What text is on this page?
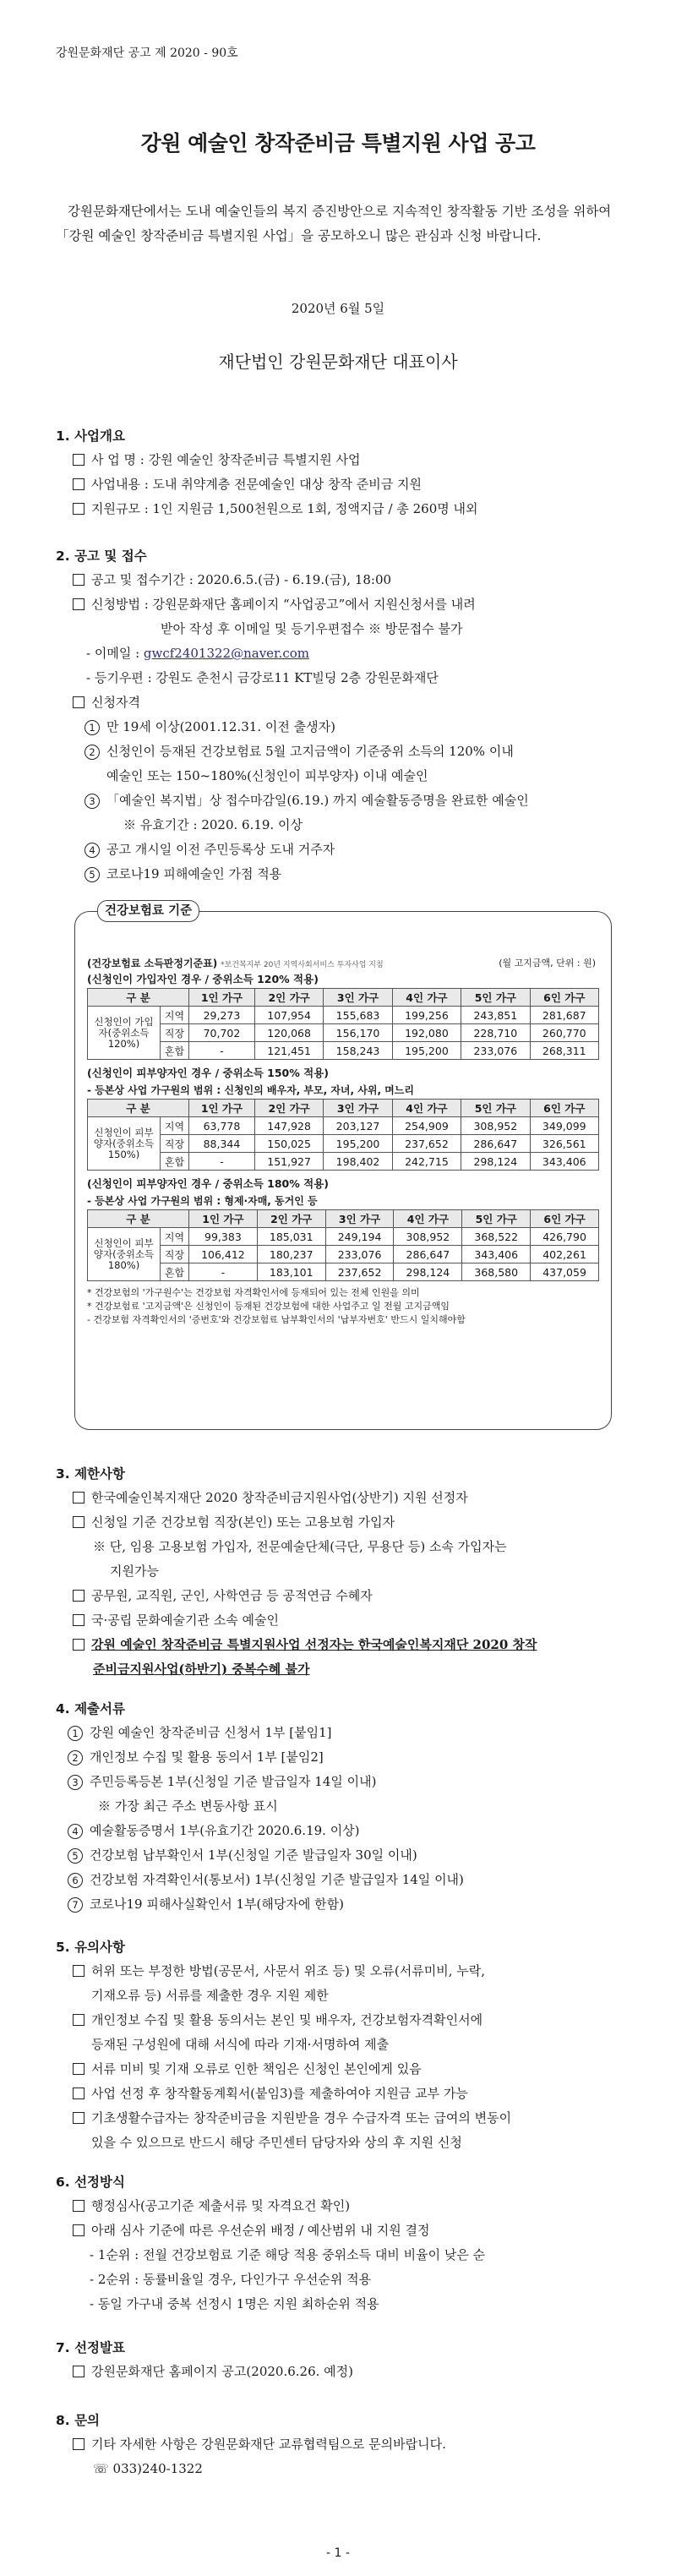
강원문화재단 공고 제 2020 - 90호
강원 예술인 창작준비금 특별지원 사업 공고
강원문화재단에서는 도내 예술인들의 복지 증진방안으로 지속적인 창작활동 기반 조성을 위하여 「강원 예술인 창작준비금 특별지원 사업」을 공모하오니 많은 관심과 신청 바랍니다.
2020년 6월 5일
재단법인 강원문화재단 대표이사
1. 사업개요
사 업 명 : 강원 예술인 창작준비금 특별지원 사업
사업내용 : 도내 취약계층 전문예술인 대상 창작 준비금 지원
지원규모 : 1인 지원금 1,500천원으로 1회, 정액지급 / 총 260명 내외
2. 공고 및 접수
공고 및 접수기간 : 2020.6.5.(금) - 6.19.(금), 18:00
신청방법 : 강원문화재단 홈페이지 “사업공고”에서 지원신청서를 내려
받아 작성 후 이메일 및 등기우편접수 ※ 방문접수 불가
- 이메일 : gwcf2401322@naver.com
- 등기우편 : 강원도 춘천시 금강로11 KT빌딩 2층 강원문화재단
신청자격
1 만 19세 이상(2001.12.31. 이전 출생자)
2 신청인이 등재된 건강보험료 5월 고지금액이 기준중위 소득의 120% 이내
예술인 또는 150~180%(신청인이 피부양자) 이내 예술인
3 「예술인 복지법」상 접수마감일(6.19.) 까지 예술활동증명을 완료한 예술인
※ 유효기간 : 2020. 6.19. 이상
4 공고 개시일 이전 주민등록상 도내 거주자
5 코로나19 피해예술인 가점 적용
건강보험료 기준
(건강보험료 소득판정기준표) *보건복지부 20년 지역사회서비스 투자사업 지침	(월 고지금액, 단위 : 원)
(신청인이 가입자인 경우 / 중위소득 120% 적용)
구 분		1인 가구	2인 가구	3인 가구	4인 가구	5인 가구	6인 가구
신청인이 가입자(중위소득 120%)	지역	29,273	107,954	155,683	199,256	243,851	281,687
	직장	70,702	120,068	156,170	192,080	228,710	260,770
	혼합	-	121,451	158,243	195,200	233,076	268,311
(신청인이 피부양자인 경우 / 중위소득 150% 적용)
- 등본상 사업 가구원의 범위 : 신청인의 배우자, 부모, 자녀, 사위, 며느리
구 분		1인 가구	2인 가구	3인 가구	4인 가구	5인 가구	6인 가구
신청인이 피부양자(중위소득 150%)	지역	63,778	147,928	203,127	254,909	308,952	349,099
	직장	88,344	150,025	195,200	237,652	286,647	326,561
	혼합	-	151,927	198,402	242,715	298,124	343,406
(신청인이 피부양자인 경우 / 중위소득 180% 적용)
- 등본상 사업 가구원의 범위 : 형제·자매, 동거인 등
구 분		1인 가구	2인 가구	3인 가구	4인 가구	5인 가구	6인 가구
신청인이 피부양자(중위소득 180%)	지역	99,383	185,031	249,194	308,952	368,522	426,790
	직장	106,412	180,237	233,076	286,647	343,406	402,261
	혼합	-	183,101	237,652	298,124	368,580	437,059
* 건강보험의 '가구원수'는 건강보험 자격확인서에 등재되어 있는 전체 인원을 의미
* 건강보험료 '고지금액'은 신청인이 등재된 건강보험에 대한 사업주고 일 전월 고지금액임
- 건강보험 자격확인서의 '증번호'와 건강보험료 납부확인서의 '납부자번호' 반드시 일치해야함
3. 제한사항
한국예술인복지재단 2020 창작준비금지원사업(상반기) 지원 선정자
신청일 기준 건강보험 직장(본인) 또는 고용보험 가입자
※ 단, 임용 고용보험 가입자, 전문예술단체(극단, 무용단 등) 소속 가입자는
지원가능
공무원, 교직원, 군인, 사학연금 등 공적연금 수혜자
국·공립 문화예술기관 소속 예술인
강원 예술인 창작준비금 특별지원사업 선정자는 한국예술인복지재단 2020 창작
준비금지원사업(하반기) 중복수혜 불가
4. 제출서류
1 강원 예술인 창작준비금 신청서 1부 [붙임1]
2 개인정보 수집 및 활용 동의서 1부 [붙임2]
3 주민등록등본 1부(신청일 기준 발급일자 14일 이내)
※ 가장 최근 주소 변동사항 표시
4 예술활동증명서 1부(유효기간 2020.6.19. 이상)
5 건강보험 납부확인서 1부(신청일 기준 발급일자 30일 이내)
6 건강보험 자격확인서(통보서) 1부(신청일 기준 발급일자 14일 이내)
7 코로나19 피해사실확인서 1부(해당자에 한함)
5. 유의사항
허위 또는 부정한 방법(공문서, 사문서 위조 등) 및 오류(서류미비, 누락,
기재오류 등) 서류를 제출한 경우 지원 제한
개인정보 수집 및 활용 동의서는 본인 및 배우자, 건강보험자격확인서에
등재된 구성원에 대해 서식에 따라 기재·서명하여 제출
서류 미비 및 기재 오류로 인한 책임은 신청인 본인에게 있음
사업 선정 후 창작활동계획서(붙임3)를 제출하여야 지원금 교부 가능
기초생활수급자는 창작준비금을 지원받을 경우 수급자격 또는 급여의 변동이
있을 수 있으므로 반드시 해당 주민센터 담당자와 상의 후 지원 신청
6. 선정방식
행정심사(공고기준 제출서류 및 자격요건 확인)
아래 심사 기준에 따른 우선순위 배정 / 예산범위 내 지원 결정
- 1순위 : 전월 건강보험료 기준 해당 적용 중위소득 대비 비율이 낮은 순
- 2순위 : 동률비율일 경우, 다인가구 우선순위 적용
- 동일 가구내 중복 선정시 1명은 지원 최하순위 적용
7. 선정발표
강원문화재단 홈페이지 공고(2020.6.26. 예정)
8. 문의
기타 자세한 사항은 강원문화재단 교류협력팀으로 문의바랍니다.
☏ 033)240-1322
- 1 -
